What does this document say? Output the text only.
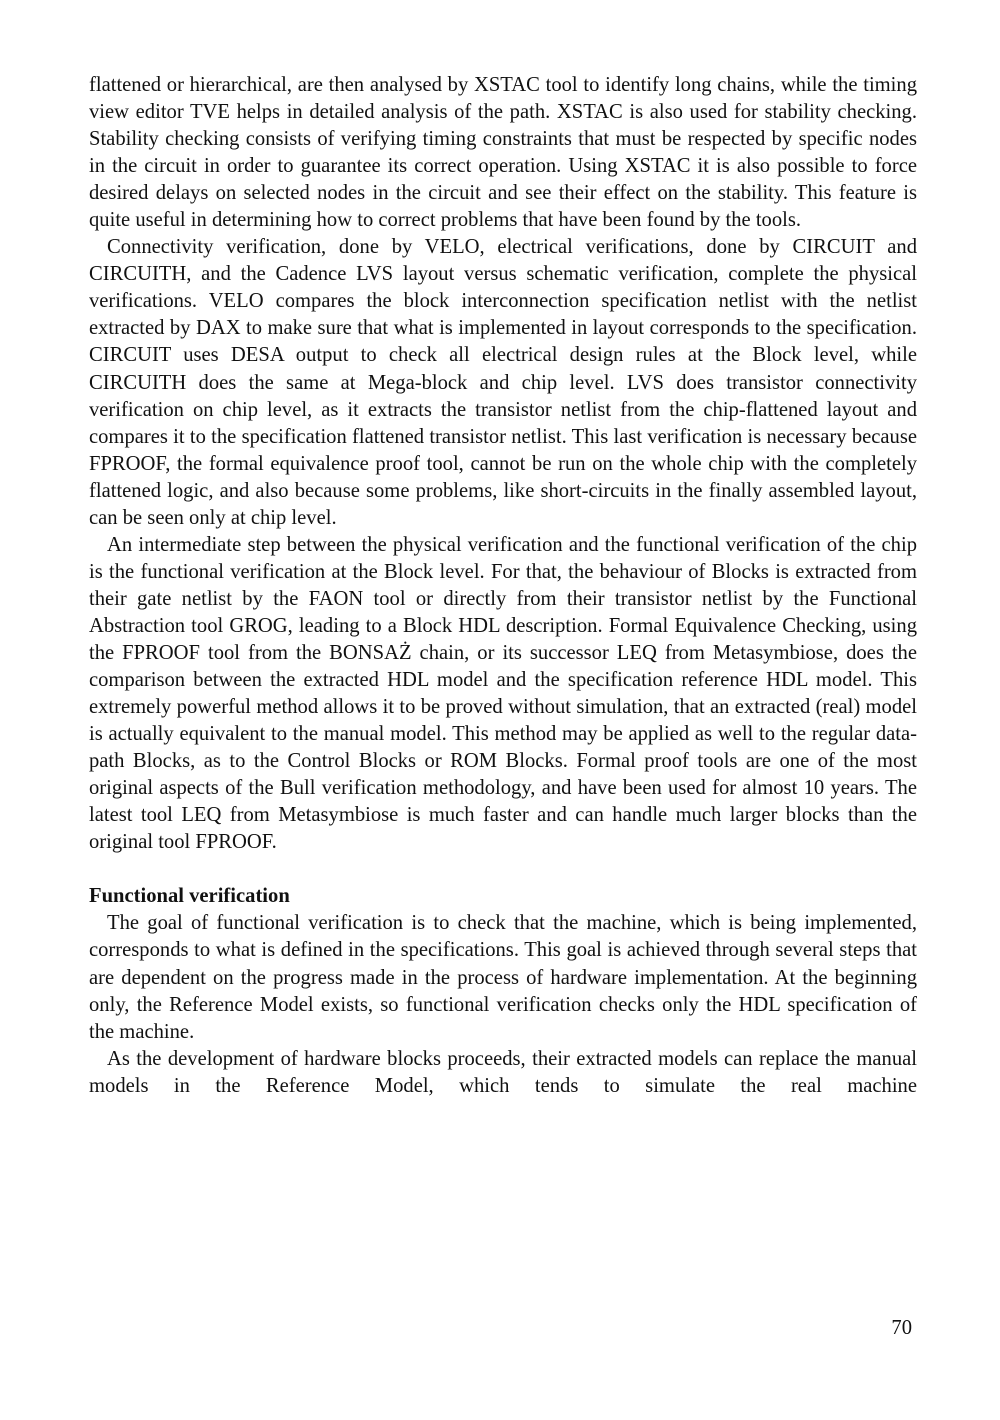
flattened or hierarchical, are then analysed by XSTAC tool to identify long chains, while the timing view editor TVE helps in detailed analysis of the path. XSTAC is also used for stability checking. Stability checking consists of verifying timing constraints that must be respected by specific nodes in the circuit in order to guarantee its correct operation. Using XSTAC it is also possible to force desired delays on selected nodes in the circuit and see their effect on the stability. This feature is quite useful in determining how to correct problems that have been found by the tools.

Connectivity verification, done by VELO, electrical verifications, done by CIRCUIT and CIRCUITH, and the Cadence LVS layout versus schematic verification, complete the physical verifications. VELO compares the block interconnection specification netlist with the netlist extracted by DAX to make sure that what is implemented in layout corresponds to the specification. CIRCUIT uses DESA output to check all electrical design rules at the Block level, while CIRCUITH does the same at Mega-block and chip level. LVS does transistor connectivity verification on chip level, as it extracts the transistor netlist from the chip-flattened layout and compares it to the specification flattened transistor netlist. This last verification is necessary because FPROOF, the formal equivalence proof tool, cannot be run on the whole chip with the completely flattened logic, and also because some problems, like short-circuits in the finally assembled layout, can be seen only at chip level.

An intermediate step between the physical verification and the functional verification of the chip is the functional verification at the Block level. For that, the behaviour of Blocks is extracted from their gate netlist by the FAON tool or directly from their transistor netlist by the Functional Abstraction tool GROG, leading to a Block HDL description. Formal Equivalence Checking, using the FPROOF tool from the BONSAŻ chain, or its successor LEQ from Metasymbiose, does the comparison between the extracted HDL model and the specification reference HDL model. This extremely powerful method allows it to be proved without simulation, that an extracted (real) model is actually equivalent to the manual model. This method may be applied as well to the regular data-path Blocks, as to the Control Blocks or ROM Blocks. Formal proof tools are one of the most original aspects of the Bull verification methodology, and have been used for almost 10 years. The latest tool LEQ from Metasymbiose is much faster and can handle much larger blocks than the original tool FPROOF.

Functional verification

The goal of functional verification is to check that the machine, which is being implemented, corresponds to what is defined in the specifications. This goal is achieved through several steps that are dependent on the progress made in the process of hardware implementation. At the beginning only, the Reference Model exists, so functional verification checks only the HDL specification of the machine.

As the development of hardware blocks proceeds, their extracted models can replace the manual models in the Reference Model, which tends to simulate the real machine

70
